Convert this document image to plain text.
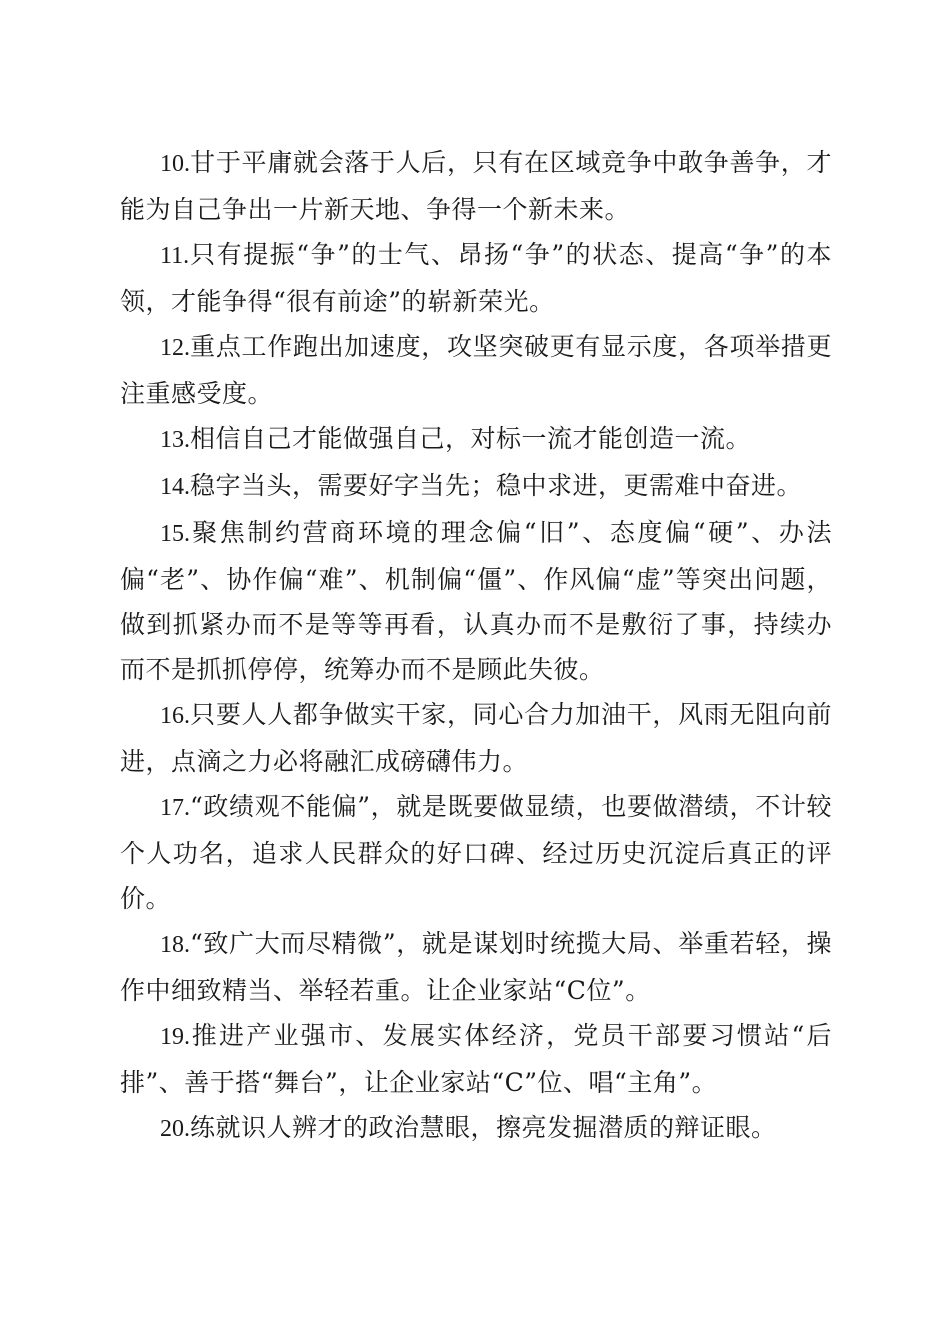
10.甘于平庸就会落于人后，只有在区域竞争中敢争善争，才能为自己争出一片新天地、争得一个新未来。

11.只有提振“争”的士气、昂扬“争”的状态、提高“争”的本领，才能争得“很有前途”的崭新荣光。

12.重点工作跑出加速度，攻坚突破更有显示度，各项举措更注重感受度。

13.相信自己才能做强自己，对标一流才能创造一流。

14.稳字当头，需要好字当先；稳中求进，更需难中奋进。

15.聚焦制约营商环境的理念偏“旧”、态度偏“硬”、办法偏“老”、协作偏“难”、机制偏“僵”、作风偏“虚”等突出问题，做到抓紧办而不是等等再看，认真办而不是敷衍了事，持续办而不是抓抓停停，统筹办而不是顾此失彼。

16.只要人人都争做实干家，同心合力加油干，风雨无阻向前进，点滴之力必将融汇成磅礴伟力。

17.“政绩观不能偏”，就是既要做显绩，也要做潜绩，不计较个人功名，追求人民群众的好口碑、经过历史沉淀后真正的评价。

18.“致广大而尽精微”，就是谋划时统揽大局、举重若轻，操作中细致精当、举轻若重。让企业家站“C位”。

19.推进产业强市、发展实体经济，党员干部要习惯站“后排”、善于搭“舞台”，让企业家站“C”位、唱“主角”。

20.练就识人辨才的政治慧眼，擦亮发掘潜质的辩证眼。
